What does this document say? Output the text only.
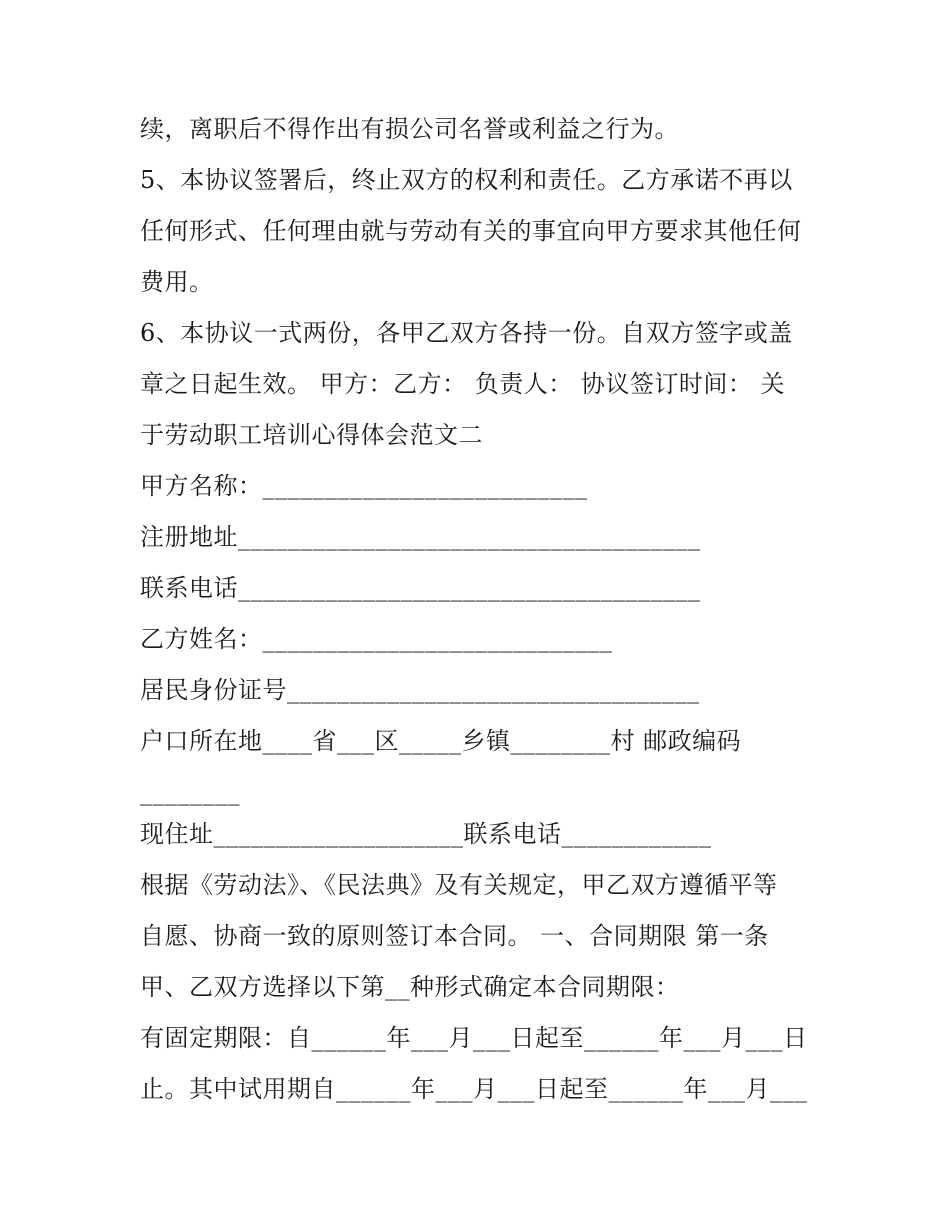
续，离职后不得作出有损公司名誉或利益之行为。
5、本协议签署后，终止双方的权利和责任。乙方承诺不再以
任何形式、任何理由就与劳动有关的事宜向甲方要求其他任何
费用。
6、本协议一式两份，各甲乙双方各持一份。自双方签字或盖
章之日起生效。 甲方：乙方： 负责人： 协议签订时间： 关
于劳动职工培训心得体会范文二
甲方名称：__________________________
注册地址_____________________________________
联系电话_____________________________________
乙方姓名：____________________________
居民身份证号_________________________________
户口所在地____省___区_____乡镇________村 邮政编码
________
现住址____________________联系电话____________
根据《劳动法》、《民法典》及有关规定，甲乙双方遵循平等
自愿、协商一致的原则签订本合同。 一、合同期限 第一条
甲、乙双方选择以下第__种形式确定本合同期限：
有固定期限：自______年___月___日起至______年___月___日
止。其中试用期自______年___月___日起至______年___月___
